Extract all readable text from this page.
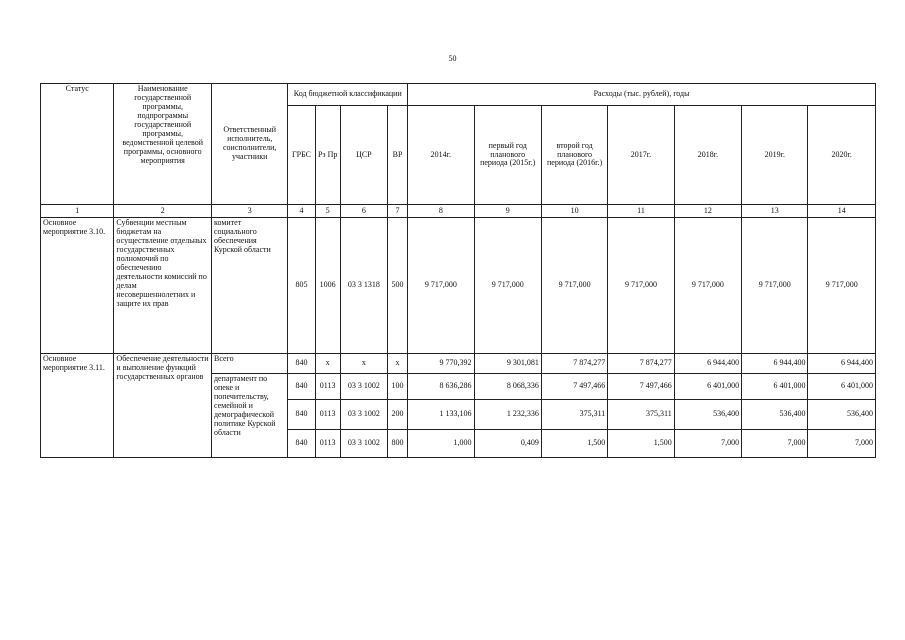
50
Статус	Наименование государственной программы, подпрограммы государственной программы, ведомственной целевой программы, основного мероприятия	Ответственный исполнитель, соисполнители, участники	Код бюджетной классификации				Расходы (тыс. рублей), годы						
			ГРБС	Рз Пр	ЦСР	ВР	2014г.	первый год планового периода (2015г.)	второй год планового периода (2016г.)	2017г.	2018г.	2019г.	2020г.
1	2	3	4	5	6	7	8	9	10	11	12	13	14
Основное мероприятие 3.10.	Субвенции местным бюджетам на осуществление отдельных государственных полномочий по обеспечению деятельности комиссий по делам несовершеннолетних и защите их прав	комитет социального обеспечения Курской области	805	1006	03 3 1318	500	9 717,000	9 717,000	9 717,000	9 717,000	9 717,000	9 717,000	9 717,000
Основное мероприятие 3.11.	Обеспечение деятельности и выполнение функций государственных органов	Всего	840	х	х	х	9 770,392	9 301,081	7 874,277	7 874,277	6 944,400	6 944,400	6 944,400
		департамент по опеке и попечительству, семейной и демографической политике Курской области	840	0113	03 3 1002	100	8 636,286	8 068,336	7 497,466	7 497,466	6 401,000	6 401,000	6 401,000
			840	0113	03 3 1002	200	1 133,106	1 232,336	375,311	375,311	536,400	536,400	536,400
			840	0113	03 3 1002	800	1,000	0,409	1,500	1,500	7,000	7,000	7,000
